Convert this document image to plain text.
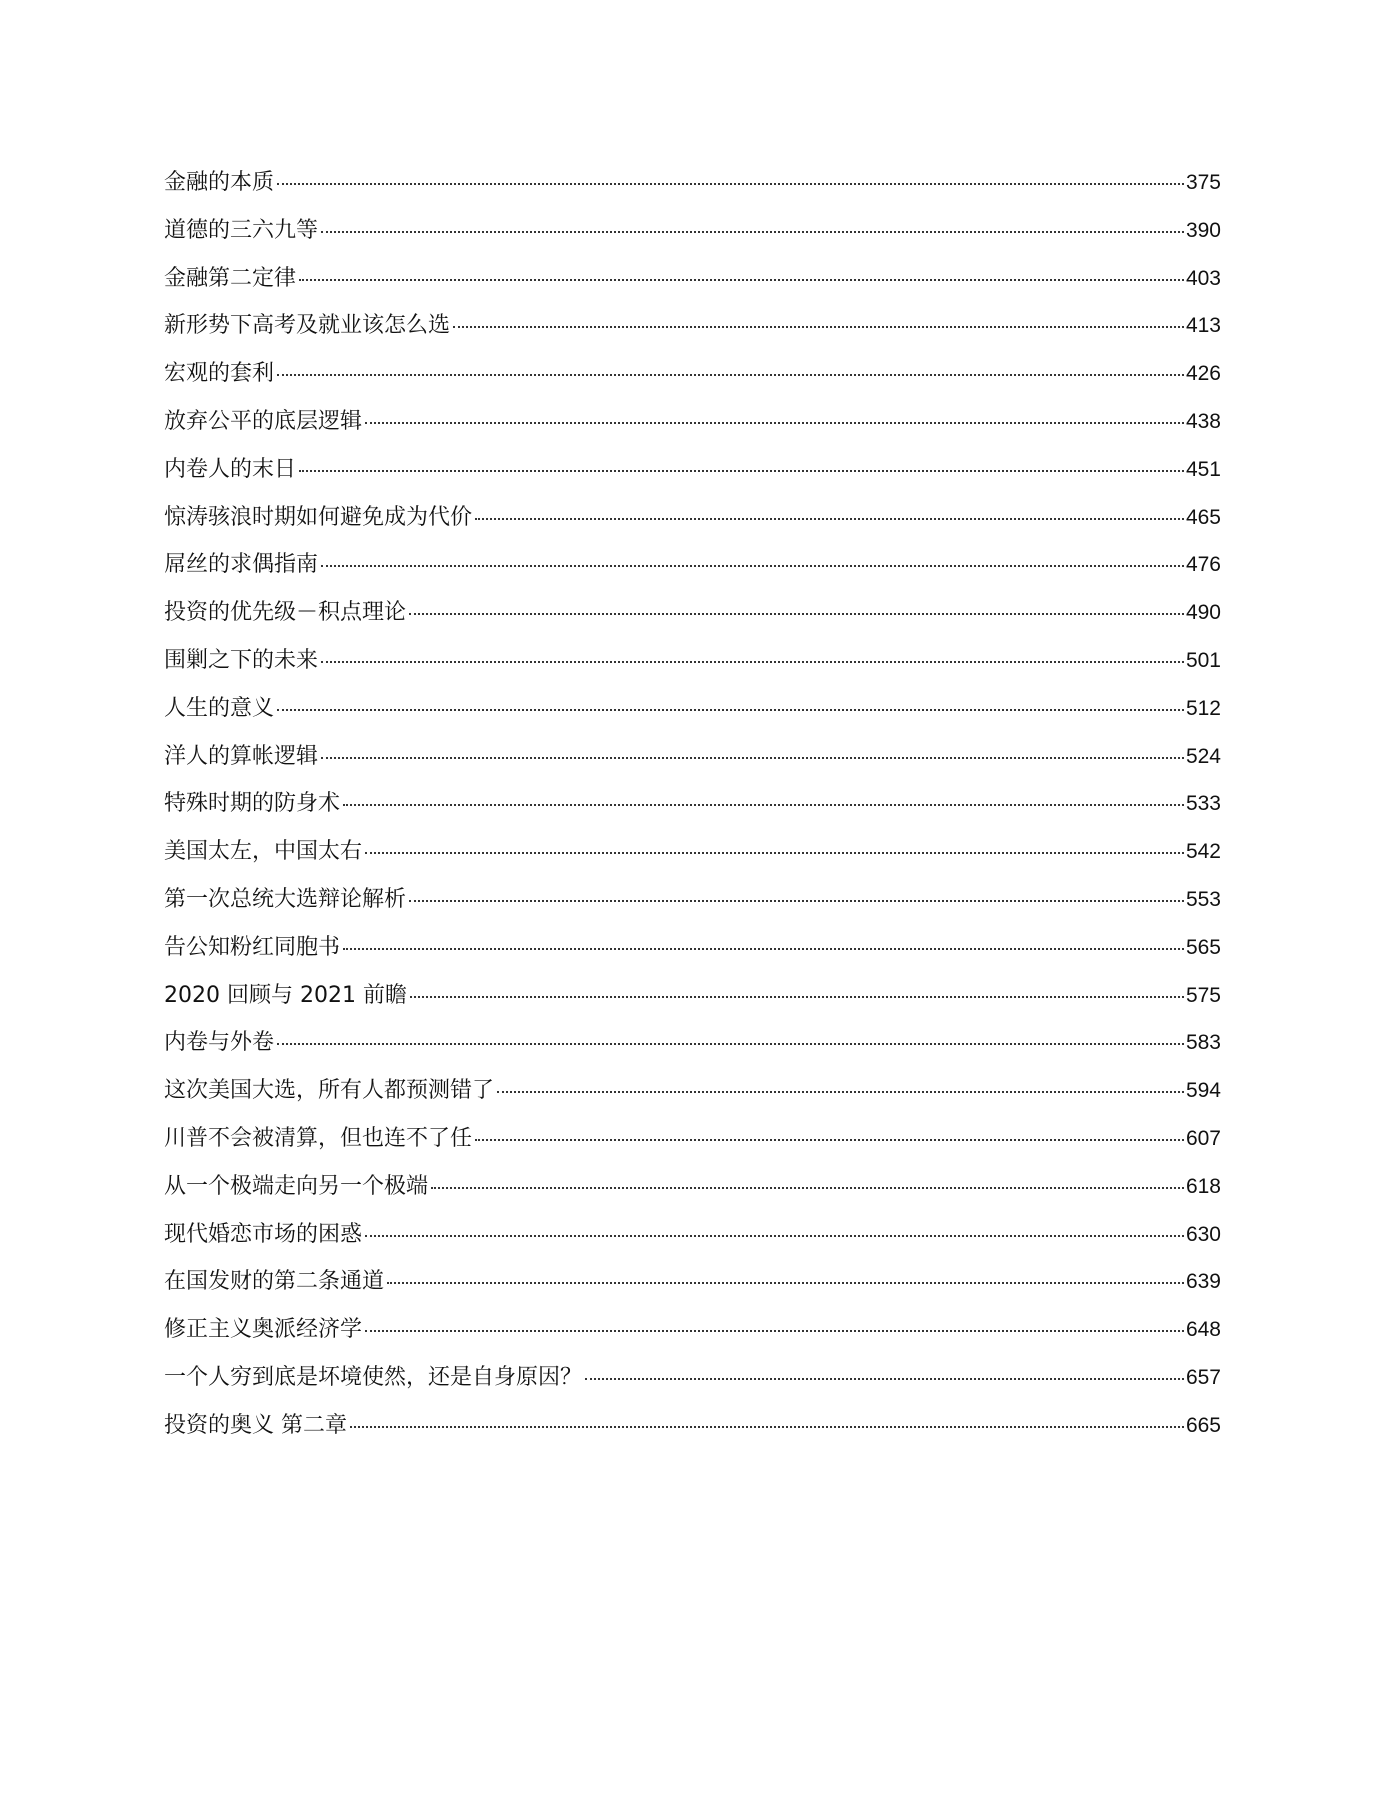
金融的本质	375
道德的三六九等	390
金融第二定律	403
新形势下高考及就业该怎么选	413
宏观的套利	426
放弃公平的底层逻辑	438
内卷人的末日	451
惊涛骇浪时期如何避免成为代价	465
屌丝的求偶指南	476
投资的优先级－积点理论	490
围剿之下的未来	501
人生的意义	512
洋人的算帐逻辑	524
特殊时期的防身术	533
美国太左，中国太右	542
第一次总统大选辩论解析	553
告公知粉红同胞书	565
2020 回顾与 2021 前瞻	575
内卷与外卷	583
这次美国大选，所有人都预测错了	594
川普不会被清算，但也连不了任	607
从一个极端走向另一个极端	618
现代婚恋市场的困惑	630
在国发财的第二条通道	639
修正主义奥派经济学	648
一个人穷到底是坏境使然，还是自身原因？	657
投资的奥义 第二章	665
